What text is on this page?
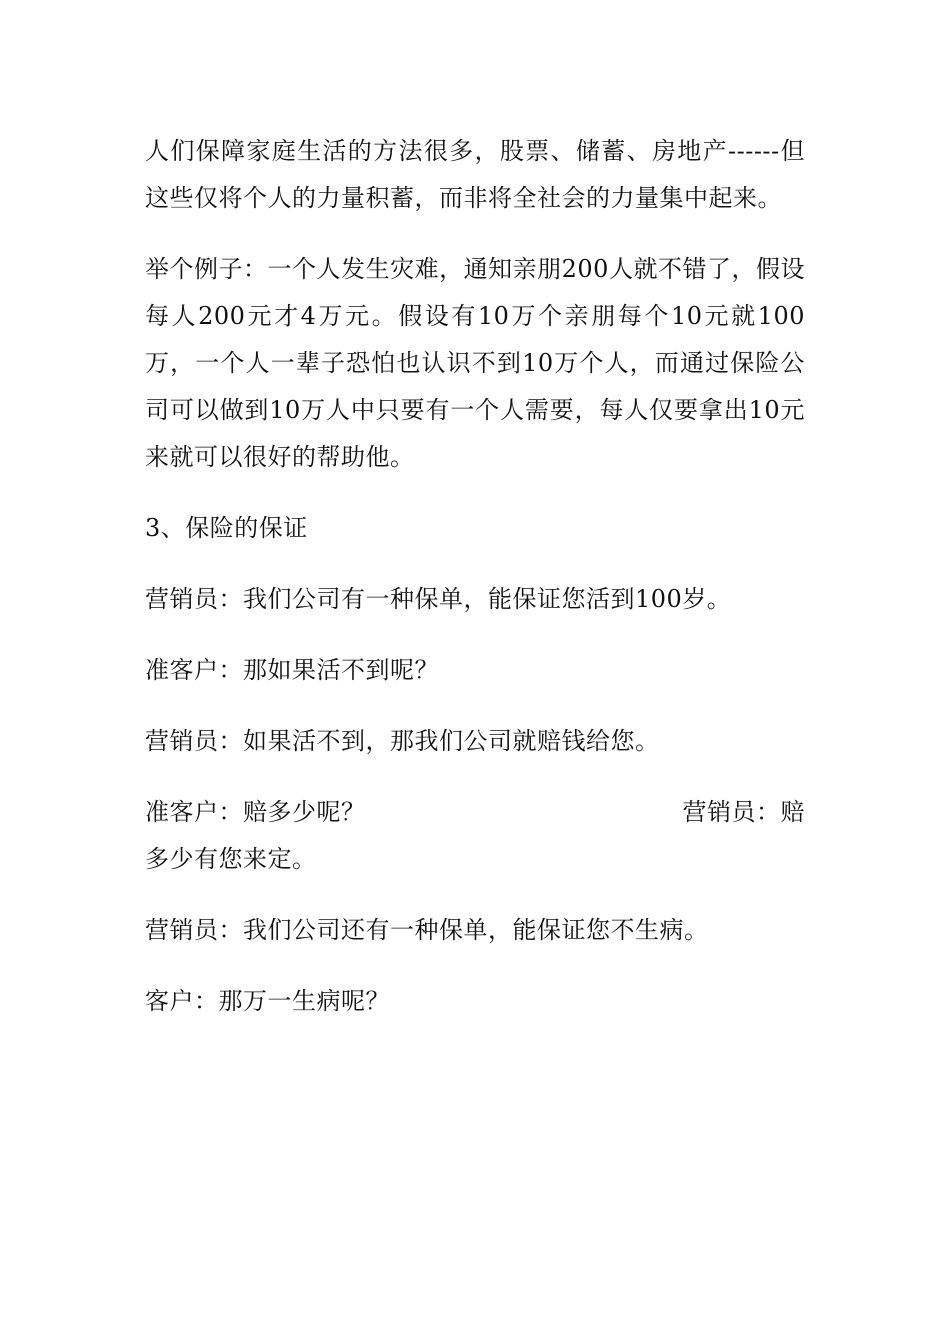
人们保障家庭生活的方法很多，股票、储蓄、房地产------但这些仅将个人的力量积蓄，而非将全社会的力量集中起来。

举个例子：一个人发生灾难，通知亲朋200人就不错了，假设每人200元才4万元。假设有10万个亲朋每个10元就100万，一个人一辈子恐怕也认识不到10万个人，而通过保险公司可以做到10万人中只要有一个人需要，每人仅要拿出10元来就可以很好的帮助他。

3、保险的保证

营销员：我们公司有一种保单，能保证您活到100岁。

准客户：那如果活不到呢？

营销员：如果活不到，那我们公司就赔钱给您。

准客户：赔多少呢？	营销员：赔
多少有您来定。

营销员：我们公司还有一种保单，能保证您不生病。

客户：那万一生病呢？
